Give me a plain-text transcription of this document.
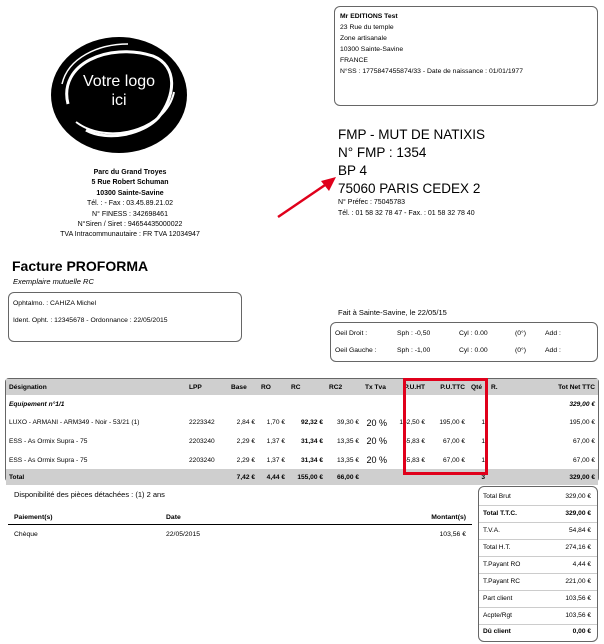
Votre logo
ici
Parc du Grand Troyes
5 Rue Robert Schuman
10300 Sainte-Savine
Tél. : - Fax : 03.45.89.21.02
N° FINESS : 342698461
N°Siren / Siret : 94654435000022
TVA Intracommunautaire : FR TVA 12034947
Mr EDITIONS Test
23 Rue du temple
Zone artisanale
10300 Sainte-Savine
FRANCE
N°SS : 1775847455874/33 - Date de naissance : 01/01/1977
FMP - MUT DE NATIXIS
N° FMP : 1354
BP 4
75060 PARIS CEDEX 2
N° Préfec : 75045783
Tél. : 01 58 32 78 47 - Fax. : 01 58 32 78 40
Facture PROFORMA
Exemplaire mutuelle RC
Ophtalmo. : CAHIZA Michel
Ident. Opht. : 12345678 - Ordonnance : 22/05/2015
Fait à Sainte-Savine, le 22/05/15
Oeil Droit :	Sph : -0,50	Cyl : 0.00	(0°)	Add :
Oeil Gauche :	Sph : -1,00	Cyl : 0.00	(0°)	Add :
Désignation	LPP	Base	RO	RC	RC2	Tx Tva	P.U.HT	P.U.TTC	Qté	R.	Tot Net TTC
Equipement n°1/1											329,00 €
LUXO - ARMANI - ARM349 - Noir - 53/21 (1)	2223342	2,84 €	1,70 €	92,32 €	39,30 €	20 %	162,50 €	195,00 €	1		195,00 €
ESS - As Ormix Supra - 75	2203240	2,29 €	1,37 €	31,34 €	13,35 €	20 %	55,83 €	67,00 €	1		67,00 €
ESS - As Ormix Supra - 75	2203240	2,29 €	1,37 €	31,34 €	13,35 €	20 %	55,83 €	67,00 €	1		67,00 €
Total		7,42 €	4,44 €	155,00 €	66,00 €				3		329,00 €
Disponibilité des pièces détachées : (1) 2 ans
Paiement(s)	Date	Montant(s)
Chèque	22/05/2015	103,56 €
Total Brut	329,00 €
Total T.T.C.	329,00 €
T.V.A.	54,84 €
Total H.T.	274,16 €
T.Payant RO	4,44 €
T.Payant RC	221,00 €
Part client	103,56 €
Acpte/Rgt	103,56 €
Dû client	0,00 €
